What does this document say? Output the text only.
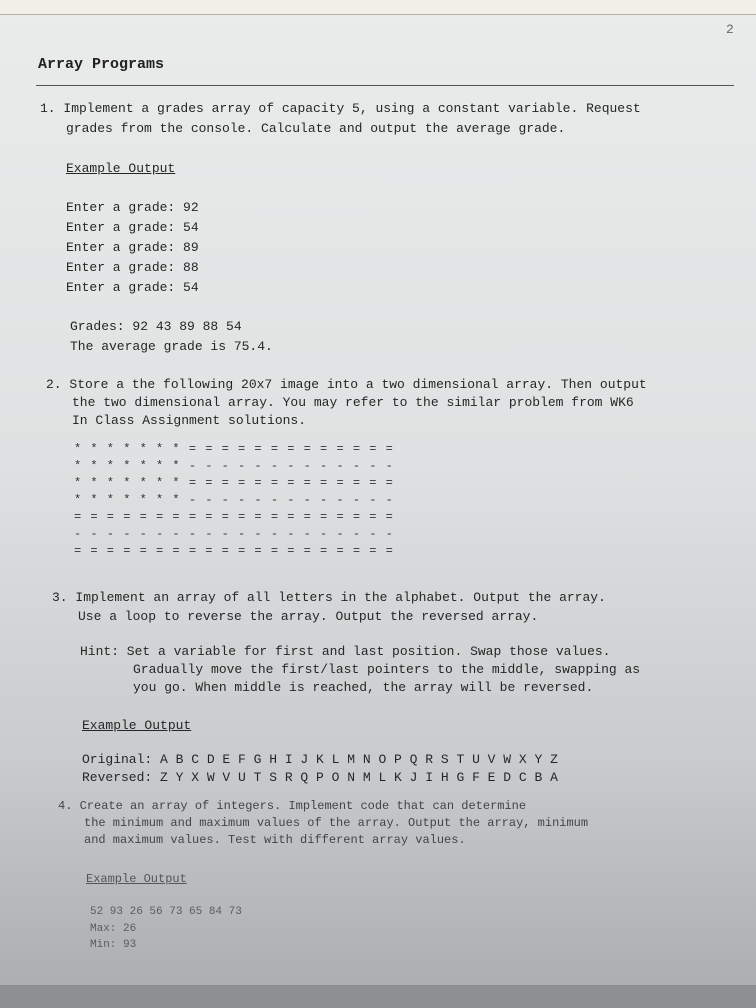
2
Array Programs
1. Implement a grades array of capacity 5, using a constant variable. Request
grades from the console. Calculate and output the average grade.
Example Output
Enter a grade: 92
Enter a grade: 54
Enter a grade: 89
Enter a grade: 88
Enter a grade: 54
Grades: 92 43 89 88 54
The average grade is 75.4.
2. Store a the following 20x7 image into a two dimensional array. Then output
the two dimensional array. You may refer to the similar problem from WK6
In Class Assignment solutions.
* * * * * * * = = = = = = = = = = = = =
* * * * * * * - - - - - - - - - - - - -
* * * * * * * = = = = = = = = = = = = =
* * * * * * * - - - - - - - - - - - - -
= = = = = = = = = = = = = = = = = = = =
- - - - - - - - - - - - - - - - - - - -
= = = = = = = = = = = = = = = = = = = =
3. Implement an array of all letters in the alphabet. Output the array.
Use a loop to reverse the array. Output the reversed array.
Hint: Set a variable for first and last position. Swap those values.
Gradually move the first/last pointers to the middle, swapping as
you go. When middle is reached, the array will be reversed.
Example Output
Original: A B C D E F G H I J K L M N O P Q R S T U V W X Y Z
Reversed: Z Y X W V U T S R Q P O N M L K J I H G F E D C B A
4. Create an array of integers. Implement code that can determine
the minimum and maximum values of the array. Output the array, minimum
and maximum values. Test with different array values.
Example Output
52 93 26 56 73 65 84 73
Max: 26
Min: 93
